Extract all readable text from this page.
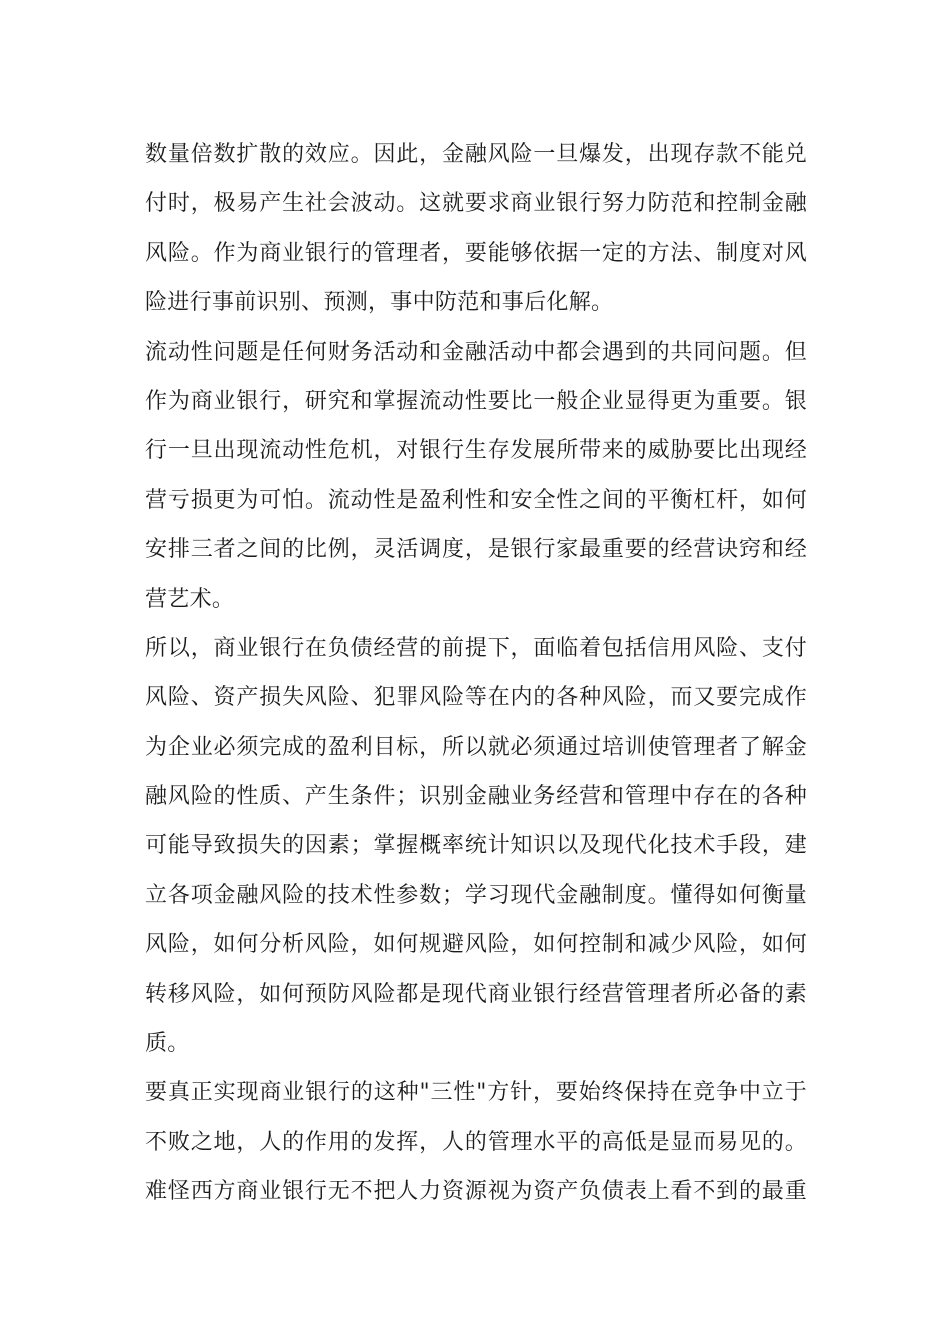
数量倍数扩散的效应。因此，金融风险一旦爆发，出现存款不能兑
付时，极易产生社会波动。这就要求商业银行努力防范和控制金融
风险。作为商业银行的管理者，要能够依据一定的方法、制度对风
险进行事前识别、预测，事中防范和事后化解。
流动性问题是任何财务活动和金融活动中都会遇到的共同问题。但
作为商业银行，研究和掌握流动性要比一般企业显得更为重要。银
行一旦出现流动性危机，对银行生存发展所带来的威胁要比出现经
营亏损更为可怕。流动性是盈利性和安全性之间的平衡杠杆，如何
安排三者之间的比例，灵活调度，是银行家最重要的经营诀窍和经
营艺术。
所以，商业银行在负债经营的前提下，面临着包括信用风险、支付
风险、资产损失风险、犯罪风险等在内的各种风险，而又要完成作
为企业必须完成的盈利目标，所以就必须通过培训使管理者了解金
融风险的性质、产生条件；识别金融业务经营和管理中存在的各种
可能导致损失的因素；掌握概率统计知识以及现代化技术手段，建
立各项金融风险的技术性参数；学习现代金融制度。懂得如何衡量
风险，如何分析风险，如何规避风险，如何控制和减少风险，如何
转移风险，如何预防风险都是现代商业银行经营管理者所必备的素
质。
要真正实现商业银行的这种"三性"方针，要始终保持在竞争中立于
不败之地，人的作用的发挥，人的管理水平的高低是显而易见的。
难怪西方商业银行无不把人力资源视为资产负债表上看不到的最重
